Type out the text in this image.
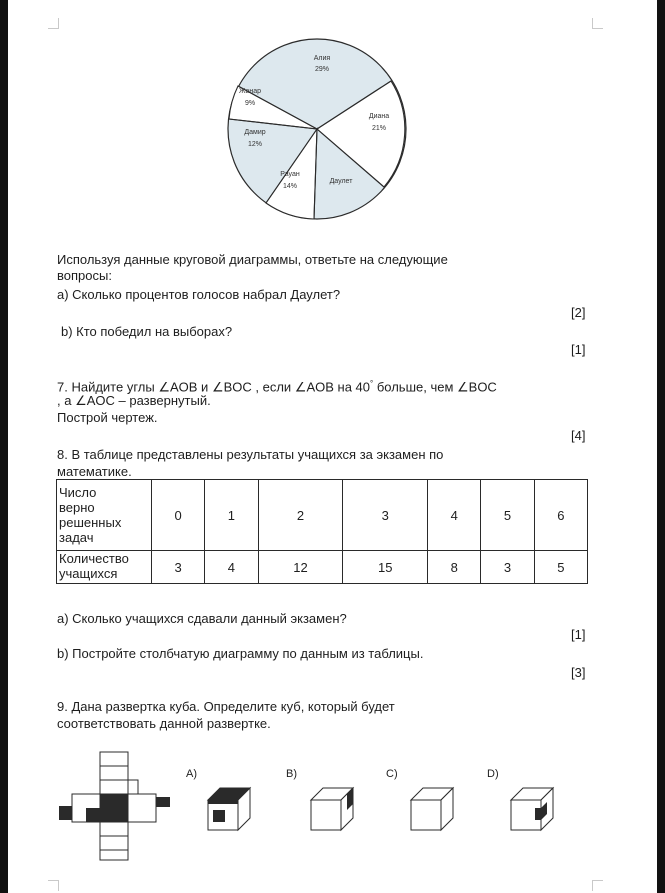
Алия
29%
Диана
21%
Даулет
Рауан
14%
Дамир
12%
Жанар
9%
Используя данные круговой диаграммы, ответьте на следующие
вопросы:
a) Сколько процентов голосов набрал Даулет?
[2]
b) Кто победил на выборах?
[1]
7. Найдите углы ∠AOB и ∠BOC , если ∠AOB на 40° больше, чем ∠BOC
, а ∠AOC – развернутый.
Построй чертеж.
[4]
8. В таблице представлены результаты учащихся за экзамен по
математике.
Число
верно
решенных
задач	0	1	2	3	4	5	6

Количество
учащихся	3	4	12	15	8	3	5
a) Сколько учащихся сдавали данный экзамен?
[1]
b) Постройте столбчатую диаграмму по данным из таблицы.
[3]
9. Дана развертка куба. Определите куб, который будет
соответствовать данной развертке.
A)	B)	C)	D)
